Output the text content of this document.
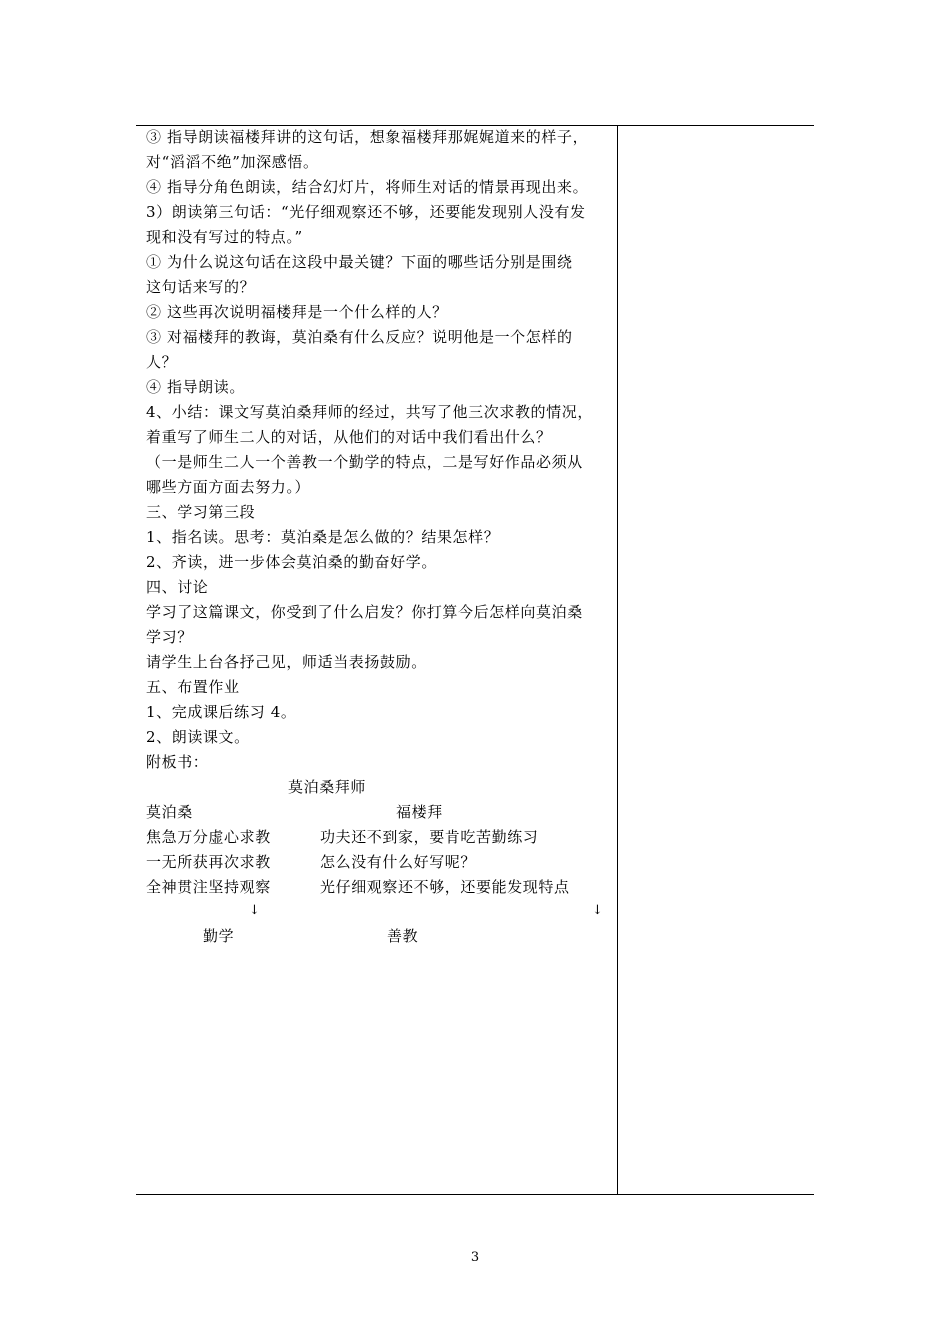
③ 指导朗读福楼拜讲的这句话，想象福楼拜那娓娓道来的样子，
对“滔滔不绝”加深感悟。
④ 指导分角色朗读，结合幻灯片，将师生对话的情景再现出来。
3）朗读第三句话：“光仔细观察还不够，还要能发现别人没有发
现和没有写过的特点。”
① 为什么说这句话在这段中最关键？下面的哪些话分别是围绕
这句话来写的？
② 这些再次说明福楼拜是一个什么样的人？
③ 对福楼拜的教诲，莫泊桑有什么反应？说明他是一个怎样的
人？
④ 指导朗读。
4、小结：课文写莫泊桑拜师的经过，共写了他三次求教的情况，
着重写了师生二人的对话，从他们的对话中我们看出什么？
（一是师生二人一个善教一个勤学的特点，二是写好作品必须从
哪些方面方面去努力。）
三、学习第三段
1、指名读。思考：莫泊桑是怎么做的？结果怎样？
2、齐读，进一步体会莫泊桑的勤奋好学。
四、讨论
学习了这篇课文，你受到了什么启发？你打算今后怎样向莫泊桑
学习？
请学生上台各抒己见，师适当表扬鼓励。
五、布置作业
1、完成课后练习 4。
2、朗读课文。
附板书：
莫泊桑拜师
莫泊桑	福楼拜
焦急万分虚心求教	功夫还不到家，要肯吃苦勤练习
一无所获再次求教	怎么没有什么好写呢？
全神贯注坚持观察	光仔细观察还不够，还要能发现特点
↓	↓
勤学	善教
3
